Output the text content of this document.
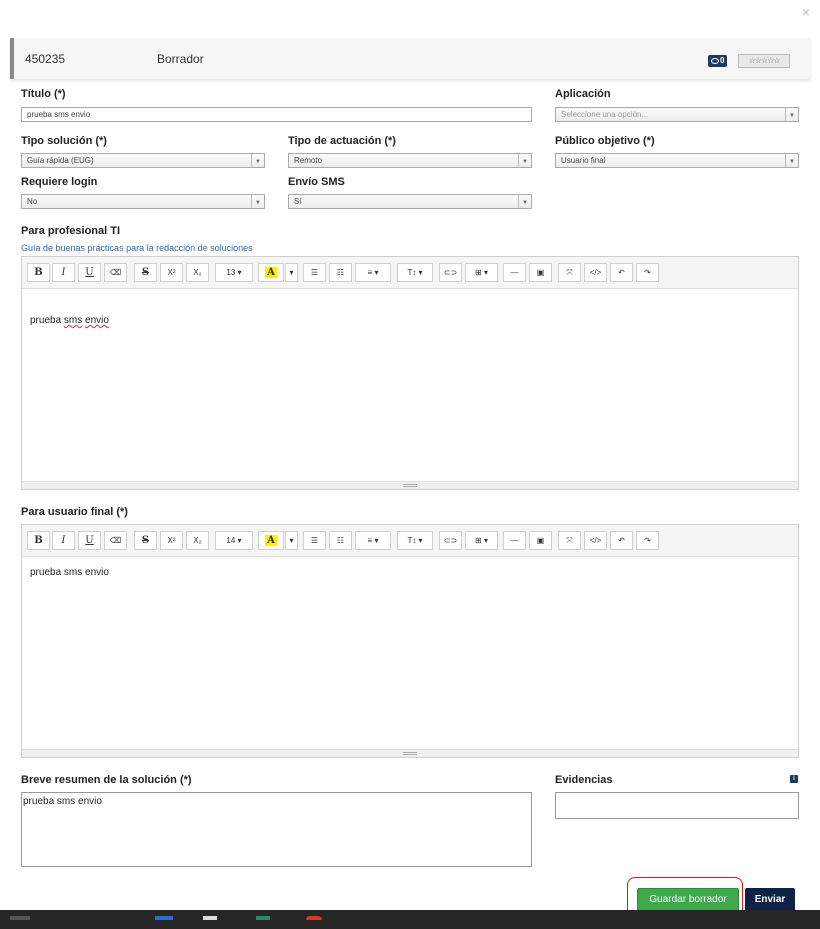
×
450235	Borrador	0	☆☆☆☆☆
Título (*)
prueba sms envio
Aplicación
Seleccione una opción...	▼
Tipo solución (*)
Guía rápida (EUG)	▼
Tipo de actuación (*)
Remoto	▼
Público objetivo (*)
Usuario final	▼
Requiere login
No	▼
Envío SMS
Sí	▼
Para profesional TI
Guía de buenas prácticas para la redacción de soluciones
B	I	U	⌫	S	X²	X₂	13 ▾	A	▾	☰	☷	≡ ▾	T↕ ▾	⊂⊃	⊞ ▾	—	▣	⤧	</>	↶	↷
prueba sms envio
Para usuario final (*)
B	I	U	⌫	S	X²	X₂	14 ▾	A	▾	☰	☷	≡ ▾	T↕ ▾	⊂⊃	⊞ ▾	—	▣	⤧	</>	↶	↷
prueba sms envio
Breve resumen de la solución (*)
prueba sms envio
Evidencias	i
Guardar borrador	Enviar
